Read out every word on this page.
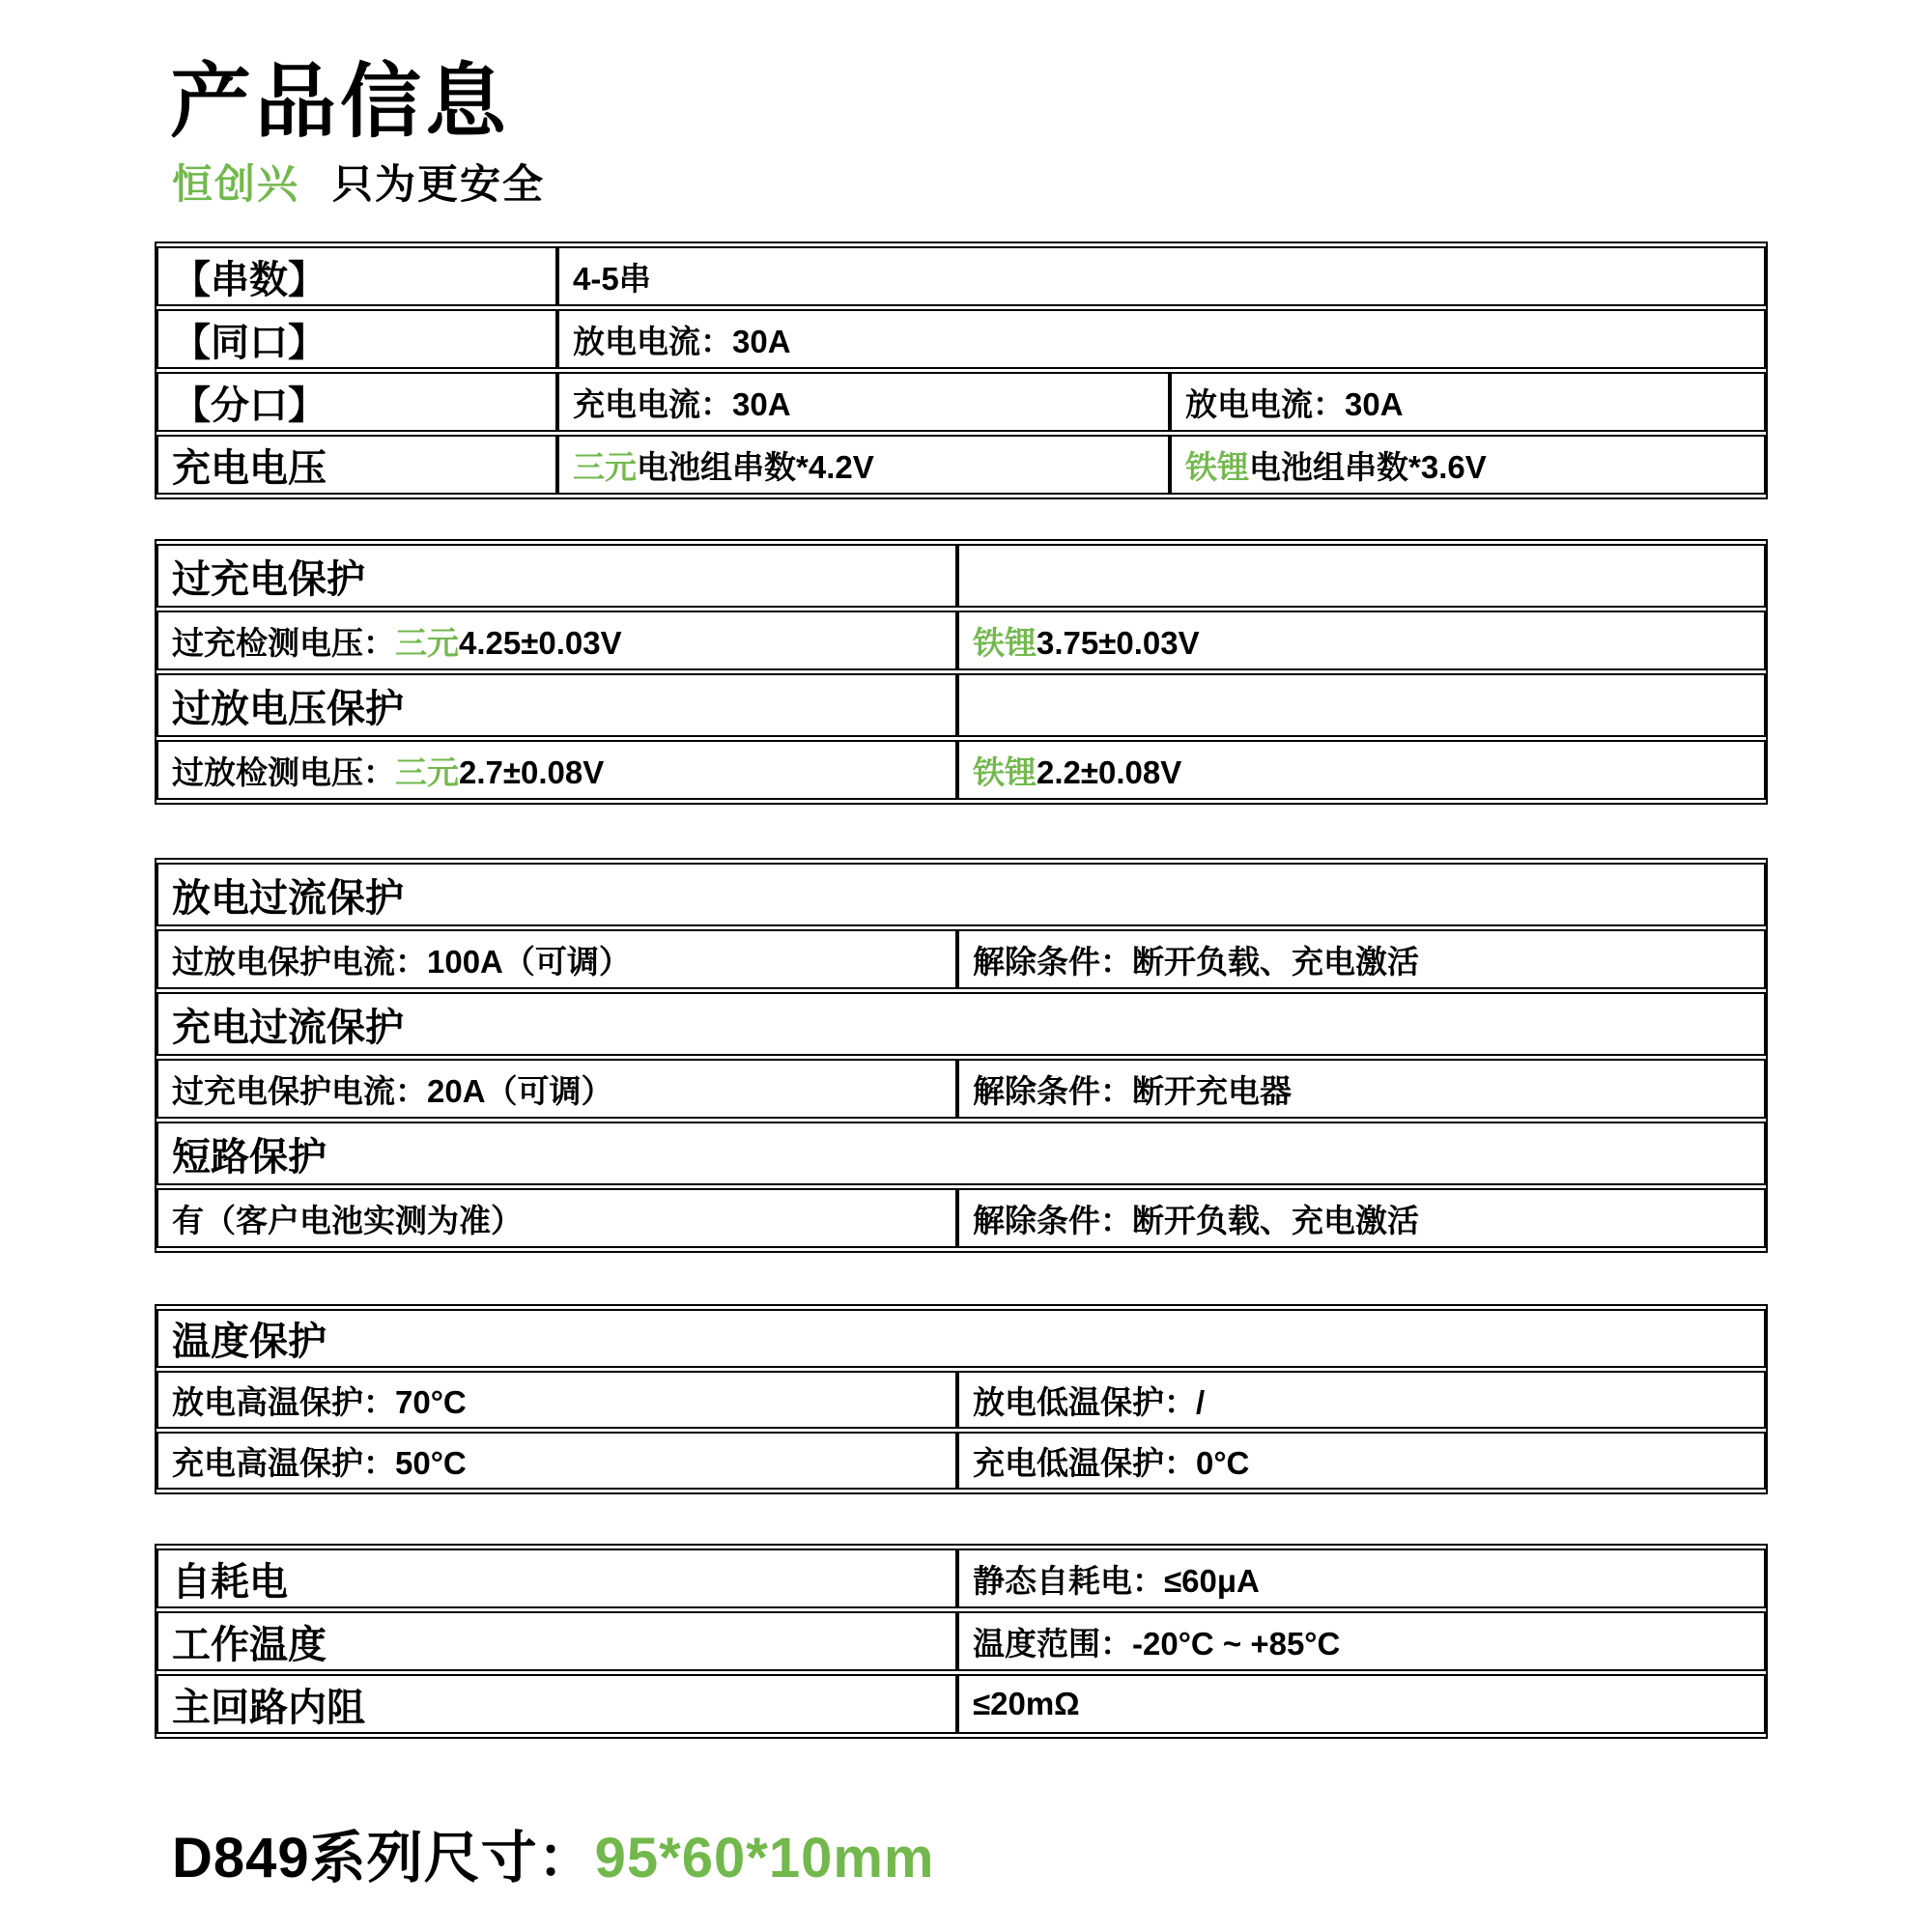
产品信息
恒创兴 只为更安全
【串数】	4-5串	
【同口】	放电电流：30A	
【分口】	充电电流：30A	放电电流：30A
充电电压	三元电池组串数*4.2V	铁锂电池组串数*3.6V
过充电保护	
过充检测电压：三元4.25±0.03V	铁锂3.75±0.03V
过放电压保护	
过放检测电压：三元2.7±0.08V	铁锂2.2±0.08V
放电过流保护	
过放电保护电流：100A（可调）	解除条件：断开负载、充电激活
充电过流保护	
过充电保护电流：20A（可调）	解除条件：断开充电器
短路保护	
有（客户电池实测为准）	解除条件：断开负载、充电激活
温度保护	
放电高温保护：70°C	放电低温保护：/
充电高温保护：50°C	充电低温保护：0°C
自耗电	静态自耗电：≤60μA
工作温度	温度范围：-20°C ~ +85°C
主回路内阻	≤20mΩ
D849系列尺寸：95*60*10mm
